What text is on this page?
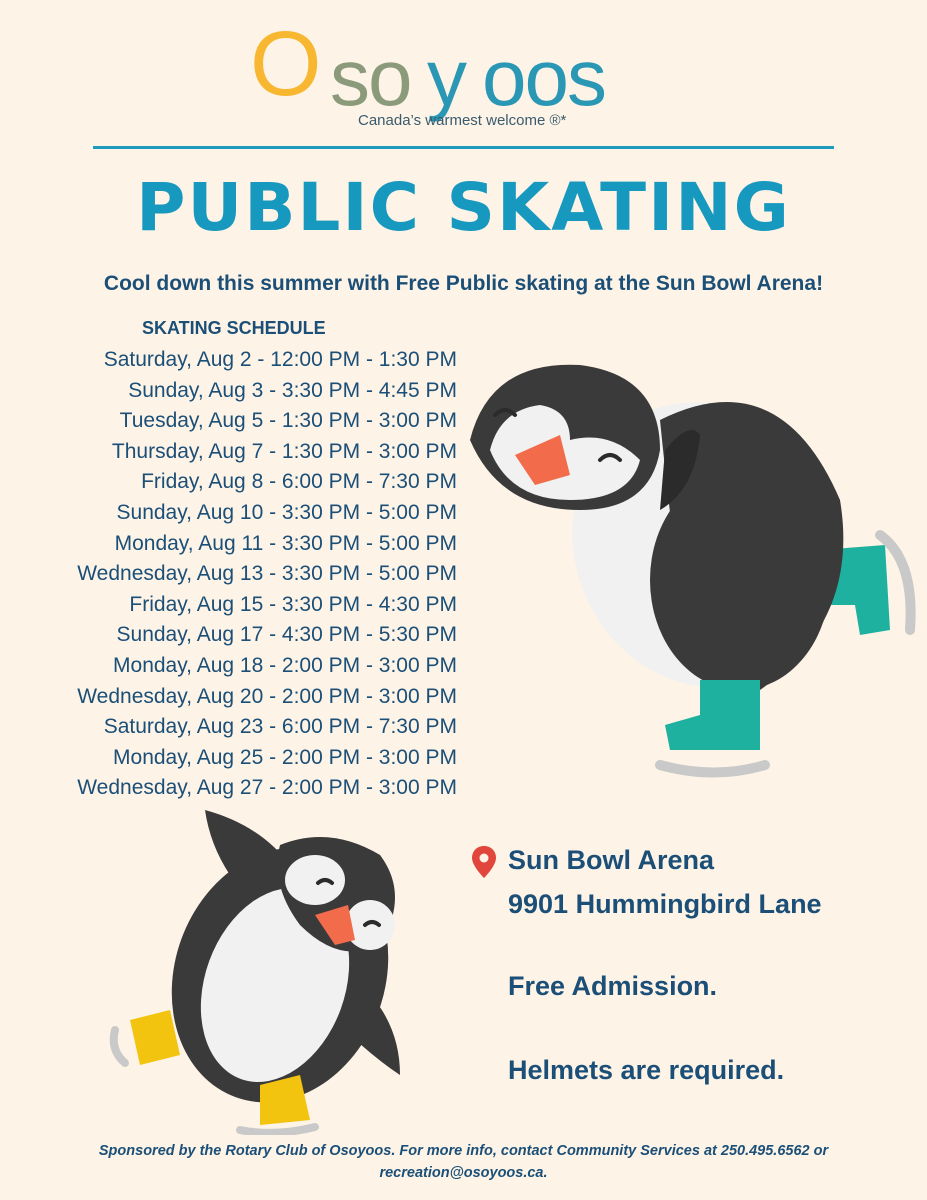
O so y oos
Canada’s warmest welcome ®*
PUBLIC SKATING
Cool down this summer with Free Public skating at the Sun Bowl Arena!
SKATING SCHEDULE
Saturday, Aug 2 - 12:00 PM - 1:30 PM
Sunday, Aug 3 - 3:30 PM - 4:45 PM
Tuesday, Aug 5 - 1:30 PM - 3:00 PM
Thursday, Aug 7 - 1:30 PM - 3:00 PM
Friday, Aug 8 - 6:00 PM - 7:30 PM
Sunday, Aug 10 - 3:30 PM - 5:00 PM
Monday, Aug 11 - 3:30 PM - 5:00 PM
Wednesday, Aug 13 - 3:30 PM - 5:00 PM
Friday, Aug 15 - 3:30 PM - 4:30 PM
Sunday, Aug 17 - 4:30 PM - 5:30 PM
Monday, Aug 18 - 2:00 PM - 3:00 PM
Wednesday, Aug 20 - 2:00 PM - 3:00 PM
Saturday, Aug 23 - 6:00 PM - 7:30 PM
Monday, Aug 25 - 2:00 PM - 3:00 PM
Wednesday, Aug 27 - 2:00 PM - 3:00 PM
Sun Bowl Arena
9901 Hummingbird Lane
Free Admission.
Helmets are required.
Sponsored by the Rotary Club of Osoyoos. For more info, contact Community Services at 250.495.6562 or
recreation@osoyoos.ca.
